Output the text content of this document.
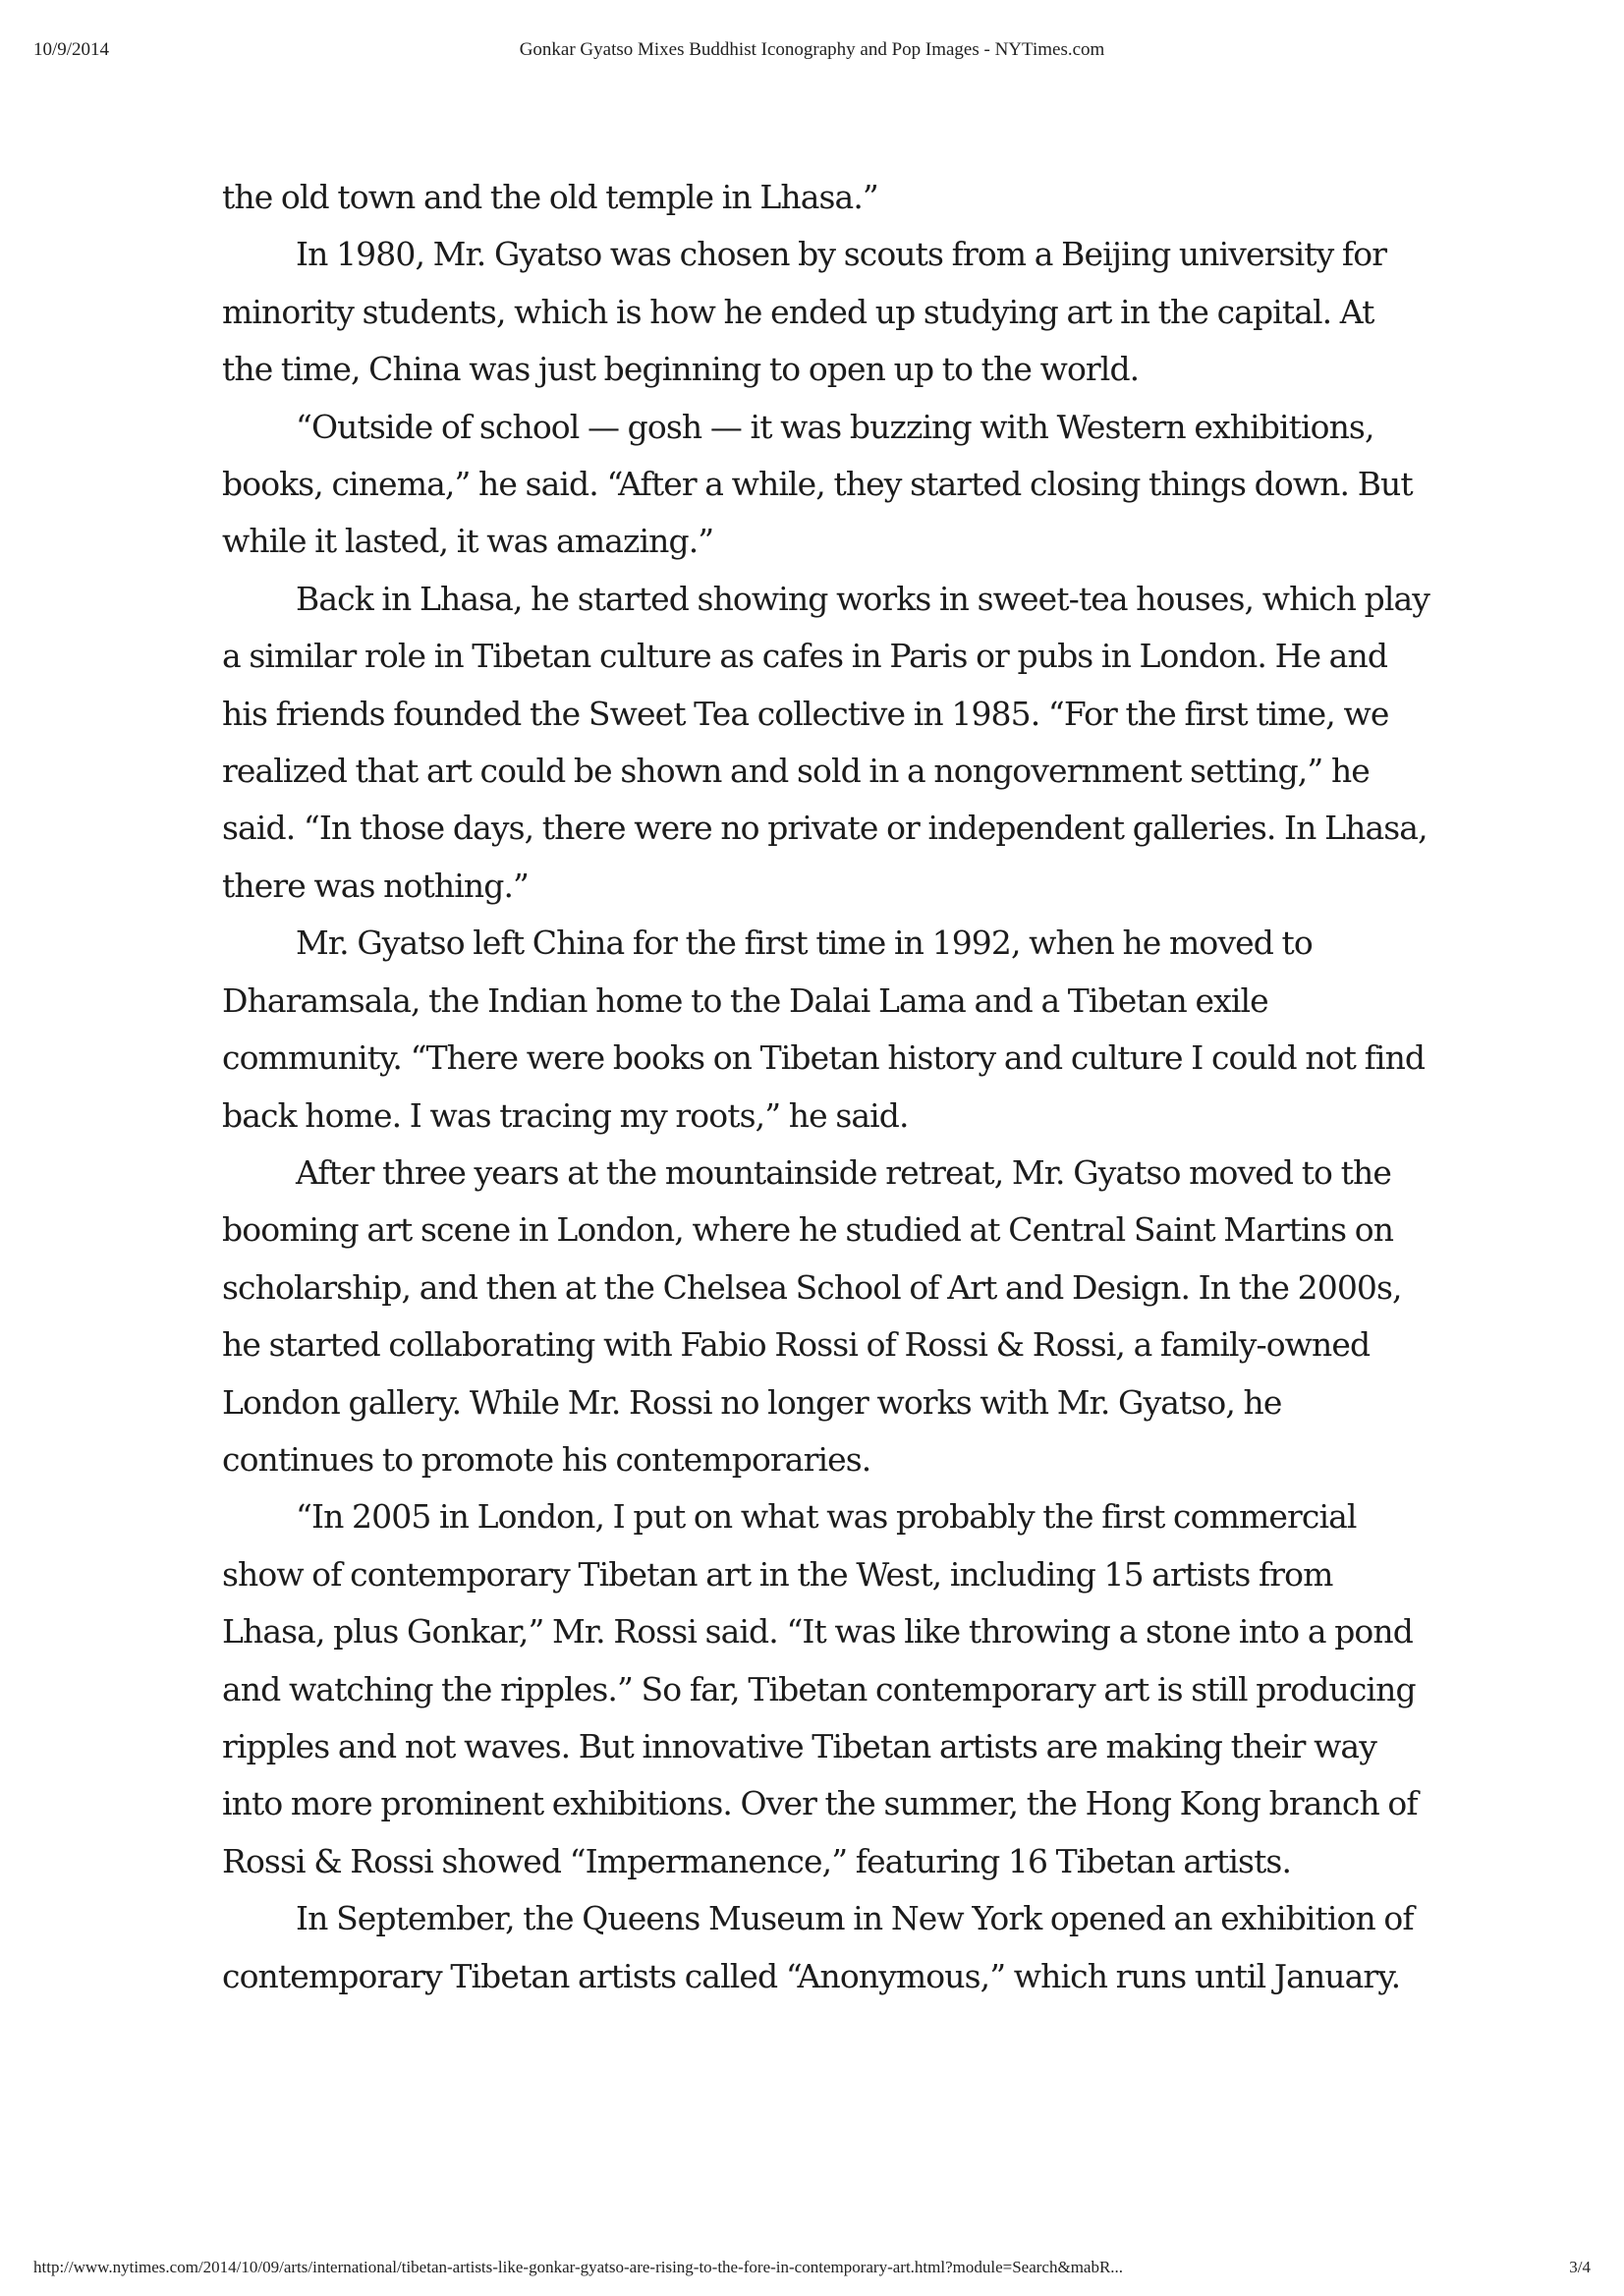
Gonkar Gyatso Mixes Buddhist Iconography and Pop Images - NYTimes.com
10/9/2014

the old town and the old temple in Lhasa.”

In 1980, Mr. Gyatso was chosen by scouts from a Beijing university for minority students, which is how he ended up studying art in the capital. At the time, China was just beginning to open up to the world.

“Outside of school — gosh — it was buzzing with Western exhibitions, books, cinema,” he said. “After a while, they started closing things down. But while it lasted, it was amazing.”

Back in Lhasa, he started showing works in sweet-tea houses, which play a similar role in Tibetan culture as cafes in Paris or pubs in London. He and his friends founded the Sweet Tea collective in 1985. “For the first time, we realized that art could be shown and sold in a nongovernment setting,” he said. “In those days, there were no private or independent galleries. In Lhasa, there was nothing.”

Mr. Gyatso left China for the first time in 1992, when he moved to Dharamsala, the Indian home to the Dalai Lama and a Tibetan exile community. “There were books on Tibetan history and culture I could not find back home. I was tracing my roots,” he said.

After three years at the mountainside retreat, Mr. Gyatso moved to the booming art scene in London, where he studied at Central Saint Martins on scholarship, and then at the Chelsea School of Art and Design. In the 2000s, he started collaborating with Fabio Rossi of Rossi & Rossi, a family-owned London gallery. While Mr. Rossi no longer works with Mr. Gyatso, he continues to promote his contemporaries.

“In 2005 in London, I put on what was probably the first commercial show of contemporary Tibetan art in the West, including 15 artists from Lhasa, plus Gonkar,” Mr. Rossi said. “It was like throwing a stone into a pond and watching the ripples.” So far, Tibetan contemporary art is still producing ripples and not waves. But innovative Tibetan artists are making their way into more prominent exhibitions. Over the summer, the Hong Kong branch of Rossi & Rossi showed “Impermanence,” featuring 16 Tibetan artists.

In September, the Queens Museum in New York opened an exhibition of contemporary Tibetan artists called “Anonymous,” which runs until January.

http://www.nytimes.com/2014/10/09/arts/international/tibetan-artists-like-gonkar-gyatso-are-rising-to-the-fore-in-contemporary-art.html?module=Search&mabR...	3/4
